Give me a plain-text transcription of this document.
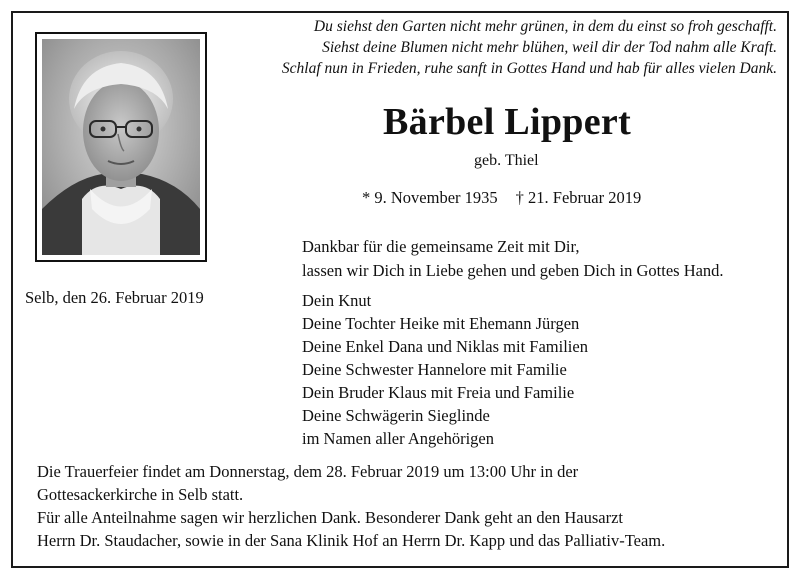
Du siehst den Garten nicht mehr grünen, in dem du einst so froh geschafft.
Siehst deine Blumen nicht mehr blühen, weil dir der Tod nahm alle Kraft.
Schlaf nun in Frieden, ruhe sanft in Gottes Hand und hab für alles vielen Dank.
Bärbel Lippert
geb. Thiel
* 9. November 1935 † 21. Februar 2019
Dankbar für die gemeinsame Zeit mit Dir,
lassen wir Dich in Liebe gehen und geben Dich in Gottes Hand.
Selb, den 26. Februar 2019	Dein Knut
Deine Tochter Heike mit Ehemann Jürgen
Deine Enkel Dana und Niklas mit Familien
Deine Schwester Hannelore mit Familie
Dein Bruder Klaus mit Freia und Familie
Deine Schwägerin Sieglinde
im Namen aller Angehörigen
Die Trauerfeier findet am Donnerstag, dem 28. Februar 2019 um 13:00 Uhr in der
Gottesackerkirche in Selb statt.
Für alle Anteilnahme sagen wir herzlichen Dank. Besonderer Dank geht an den Hausarzt
Herrn Dr. Staudacher, sowie in der Sana Klinik Hof an Herrn Dr. Kapp und das Palliativ-Team.
